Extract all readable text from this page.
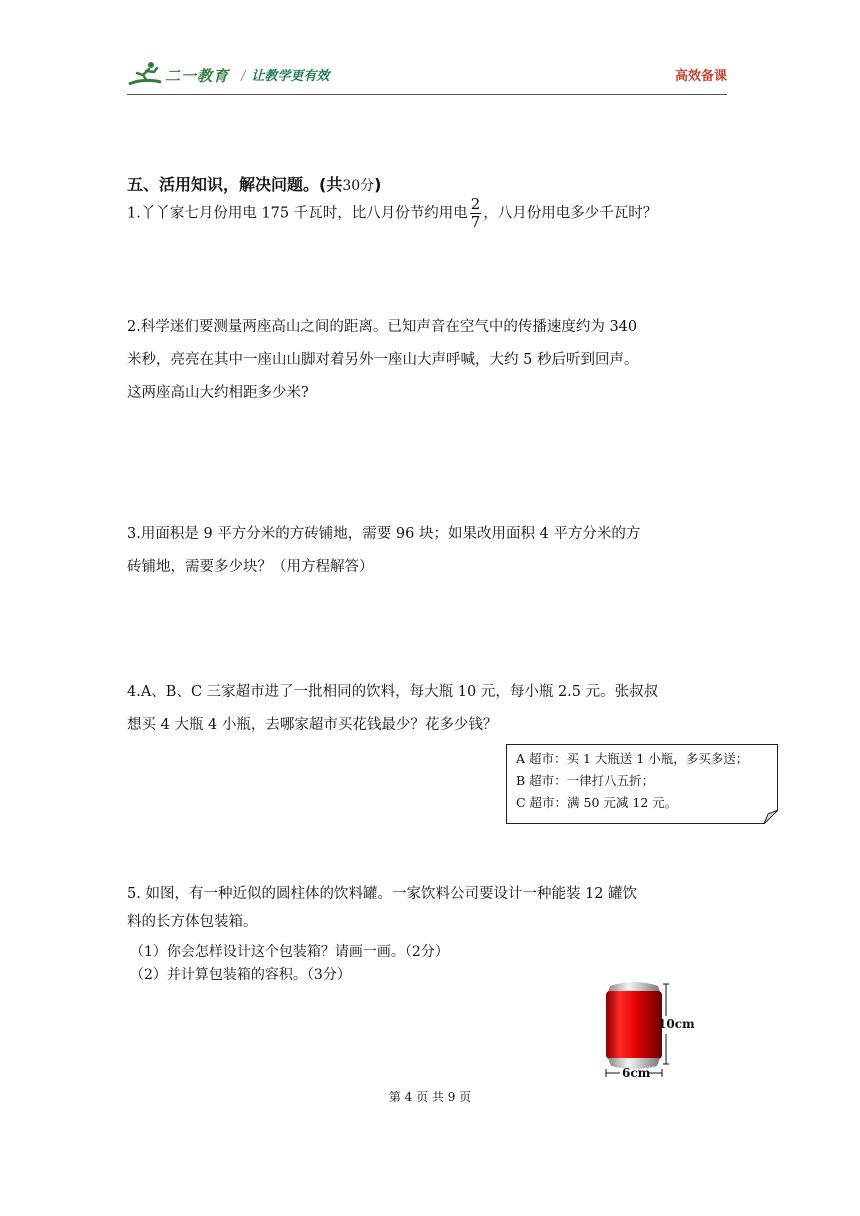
二一教育 / 让教学更有效	高效备课
五、活用知识，解决问题。(共30分)
1.丫丫家七月份用电 175 千瓦时，比八月份节约用电 $\frac{2}{7}$ ，八月份用电多少千瓦时？
2.科学迷们要测量两座高山之间的距离。已知声音在空气中的传播速度约为 340
米秒，亮亮在其中一座山山脚对着另外一座山大声呼喊，大约 5 秒后听到回声。
这两座高山大约相距多少米?
3.用面积是 9 平方分米的方砖铺地，需要 96 块；如果改用面积 4 平方分米的方
砖铺地，需要多少块？（用方程解答）
4.A、B、C 三家超市进了一批相同的饮料，每大瓶 10 元，每小瓶 2.5 元。张叔叔
想买 4 大瓶 4 小瓶，去哪家超市买花钱最少？花多少钱？
A 超市：买 1 大瓶送 1 小瓶，多买多送；
B 超市：一律打八五折；
C 超市：满 50 元减 12 元。
5. 如图，有一种近似的圆柱体的饮料罐。一家饮料公司要设计一种能装 12 罐饮
料的长方体包装箱。
（1）你会怎样设计这个包装箱？请画一画。（2分）
（2）并计算包装箱的容积。（3分）
10cm
6cm
第 4 页 共 9 页
